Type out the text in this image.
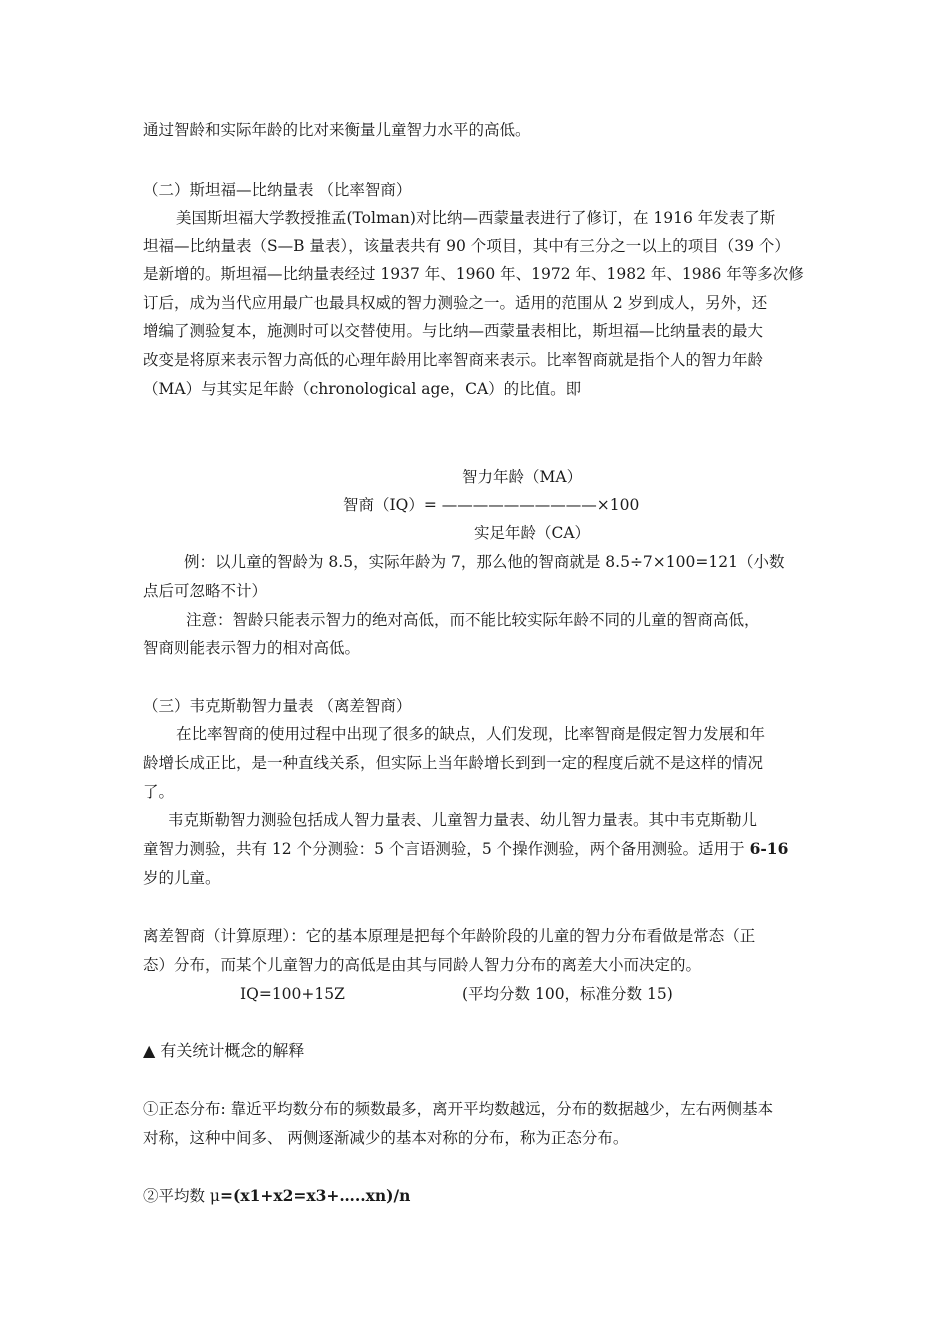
通过智龄和实际年龄的比对来衡量儿童智力水平的高低。
（二）斯坦福—比纳量表 （比率智商）
美国斯坦福大学教授推孟(Tolman)对比纳—西蒙量表进行了修订，在 1916 年发表了斯
坦福—比纳量表（S—B 量表），该量表共有 90 个项目，其中有三分之一以上的项目（39 个）
是新增的。斯坦福—比纳量表经过 1937 年、1960 年、1972 年、1982 年、1986 年等多次修
订后，成为当代应用最广也最具权威的智力测验之一。适用的范围从 2 岁到成人，另外，还
增编了测验复本，施测时可以交替使用。与比纳—西蒙量表相比，斯坦福—比纳量表的最大
改变是将原来表示智力高低的心理年龄用比率智商来表示。比率智商就是指个人的智力年龄
（MA）与其实足年龄（chronological age，CA）的比值。即
智力年龄（MA）
智商（IQ）= ——————————×100
实足年龄（CA）
例：以儿童的智龄为 8.5，实际年龄为 7，那么他的智商就是 8.5÷7×100=121（小数
点后可忽略不计）
注意：智龄只能表示智力的绝对高低，而不能比较实际年龄不同的儿童的智商高低，
智商则能表示智力的相对高低。
（三）韦克斯勒智力量表 （离差智商）
在比率智商的使用过程中出现了很多的缺点，人们发现，比率智商是假定智力发展和年
龄增长成正比，是一种直线关系，但实际上当年龄增长到到一定的程度后就不是这样的情况
了。
韦克斯勒智力测验包括成人智力量表、儿童智力量表、幼儿智力量表。其中韦克斯勒儿
童智力测验，共有 12 个分测验：5 个言语测验，5 个操作测验，两个备用测验。适用于 6-16
岁的儿童。
离差智商（计算原理）：它的基本原理是把每个年龄阶段的儿童的智力分布看做是常态（正
态）分布，而某个儿童智力的高低是由其与同龄人智力分布的离差大小而决定的。
IQ=100+15Z	(平均分数 100，标准分数 15)
▲ 有关统计概念的解释
①正态分布: 靠近平均数分布的频数最多，离开平均数越远，分布的数据越少，左右两侧基本
对称，这种中间多、 两侧逐渐减少的基本对称的分布，称为正态分布。
②平均数 μ=(x1+x2=x3+…..xn)/n
